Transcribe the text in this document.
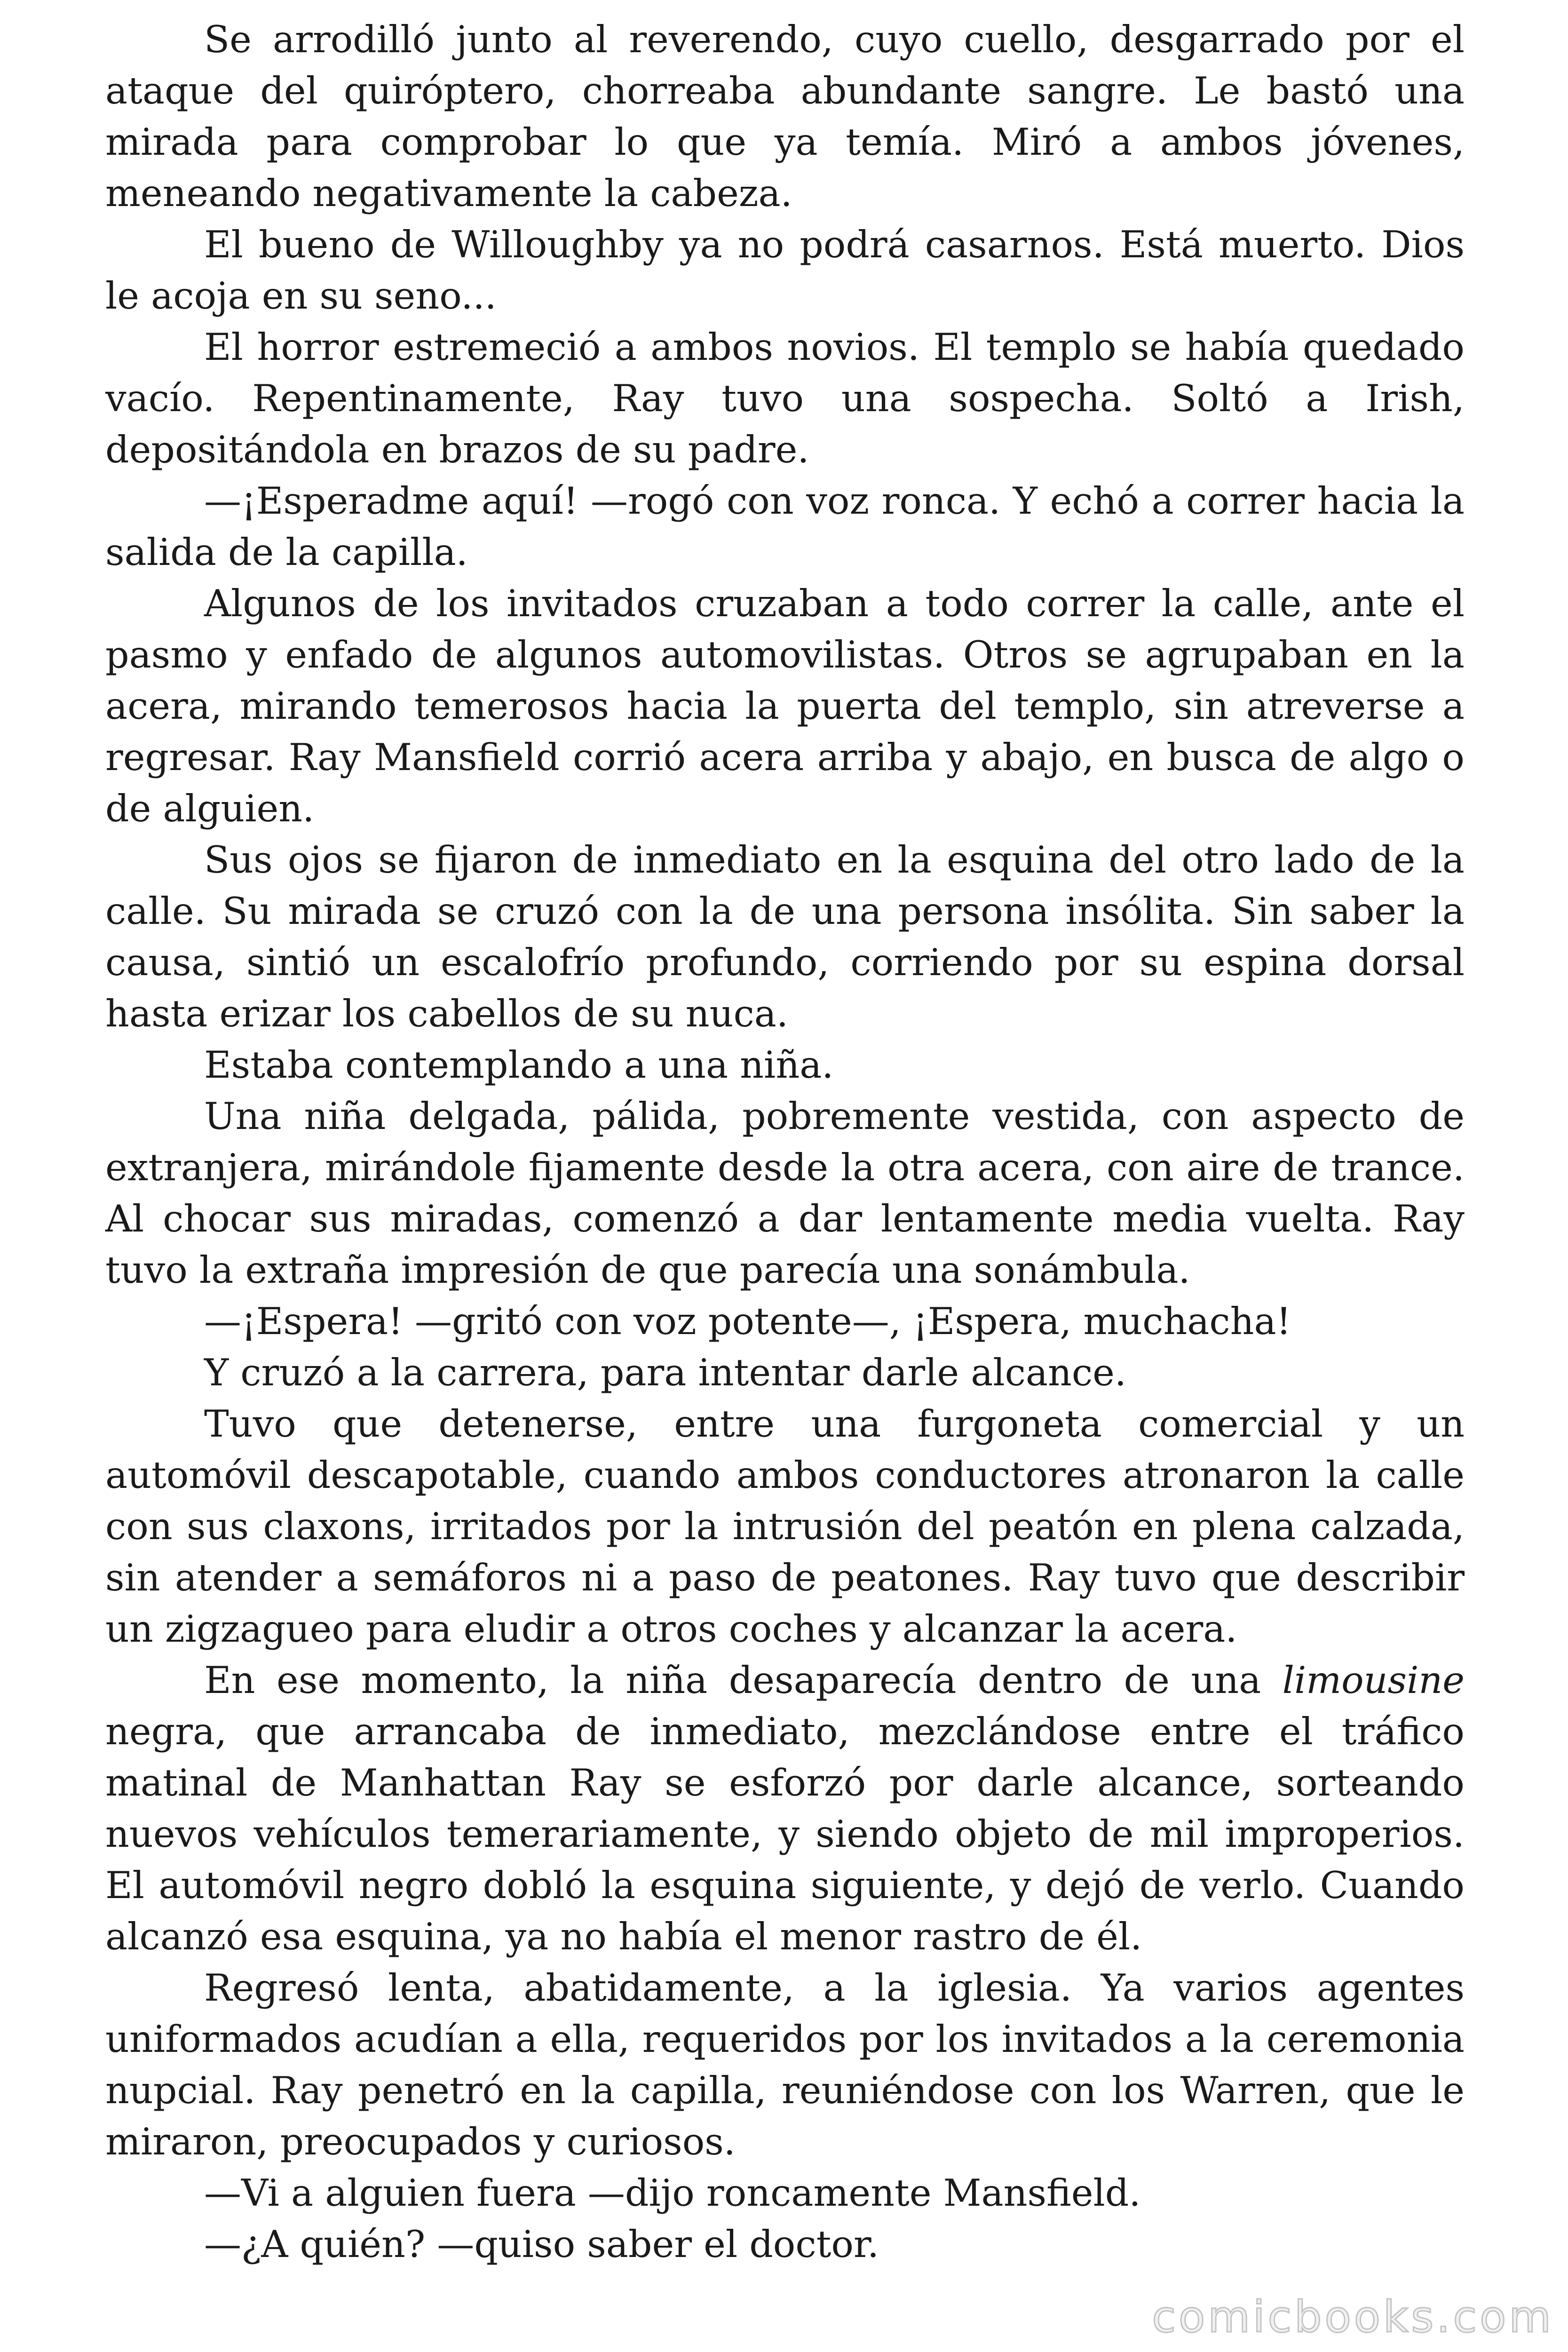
Se arrodilló junto al reverendo, cuyo cuello, desgarrado por el ataque del quiróptero, chorreaba abundante sangre. Le bastó una mirada para comprobar lo que ya temía. Miró a ambos jóvenes, meneando negativamente la cabeza.

El bueno de Willoughby ya no podrá casarnos. Está muerto. Dios le acoja en su seno...

El horror estremeció a ambos novios. El templo se había quedado vacío. Repentinamente, Ray tuvo una sospecha. Soltó a Irish, depositándola en brazos de su padre.

—¡Esperadme aquí! —rogó con voz ronca. Y echó a correr hacia la salida de la capilla.

Algunos de los invitados cruzaban a todo correr la calle, ante el pasmo y enfado de algunos automovilistas. Otros se agrupaban en la acera, mirando temerosos hacia la puerta del templo, sin atreverse a regresar. Ray Mansfield corrió acera arriba y abajo, en busca de algo o de alguien.

Sus ojos se fijaron de inmediato en la esquina del otro lado de la calle. Su mirada se cruzó con la de una persona insólita. Sin saber la causa, sintió un escalofrío profundo, corriendo por su espina dorsal hasta erizar los cabellos de su nuca.

Estaba contemplando a una niña.

Una niña delgada, pálida, pobremente vestida, con aspecto de extranjera, mirándole fijamente desde la otra acera, con aire de trance. Al chocar sus miradas, comenzó a dar lentamente media vuelta. Ray tuvo la extraña impresión de que parecía una sonámbula.

—¡Espera! —gritó con voz potente—, ¡Espera, muchacha!

Y cruzó a la carrera, para intentar darle alcance.

Tuvo que detenerse, entre una furgoneta comercial y un automóvil descapotable, cuando ambos conductores atronaron la calle con sus claxons, irritados por la intrusión del peatón en plena calzada, sin atender a semáforos ni a paso de peatones. Ray tuvo que describir un zigzagueo para eludir a otros coches y alcanzar la acera.

En ese momento, la niña desaparecía dentro de una limousine negra, que arrancaba de inmediato, mezclándose entre el tráfico matinal de Manhattan Ray se esforzó por darle alcance, sorteando nuevos vehículos temerariamente, y siendo objeto de mil improperios. El automóvil negro dobló la esquina siguiente, y dejó de verlo. Cuando alcanzó esa esquina, ya no había el menor rastro de él.

Regresó lenta, abatidamente, a la iglesia. Ya varios agentes uniformados acudían a ella, requeridos por los invitados a la ceremonia nupcial. Ray penetró en la capilla, reuniéndose con los Warren, que le miraron, preocupados y curiosos.

—Vi a alguien fuera —dijo roncamente Mansfield.

—¿A quién? —quiso saber el doctor.

comicbooks.com
